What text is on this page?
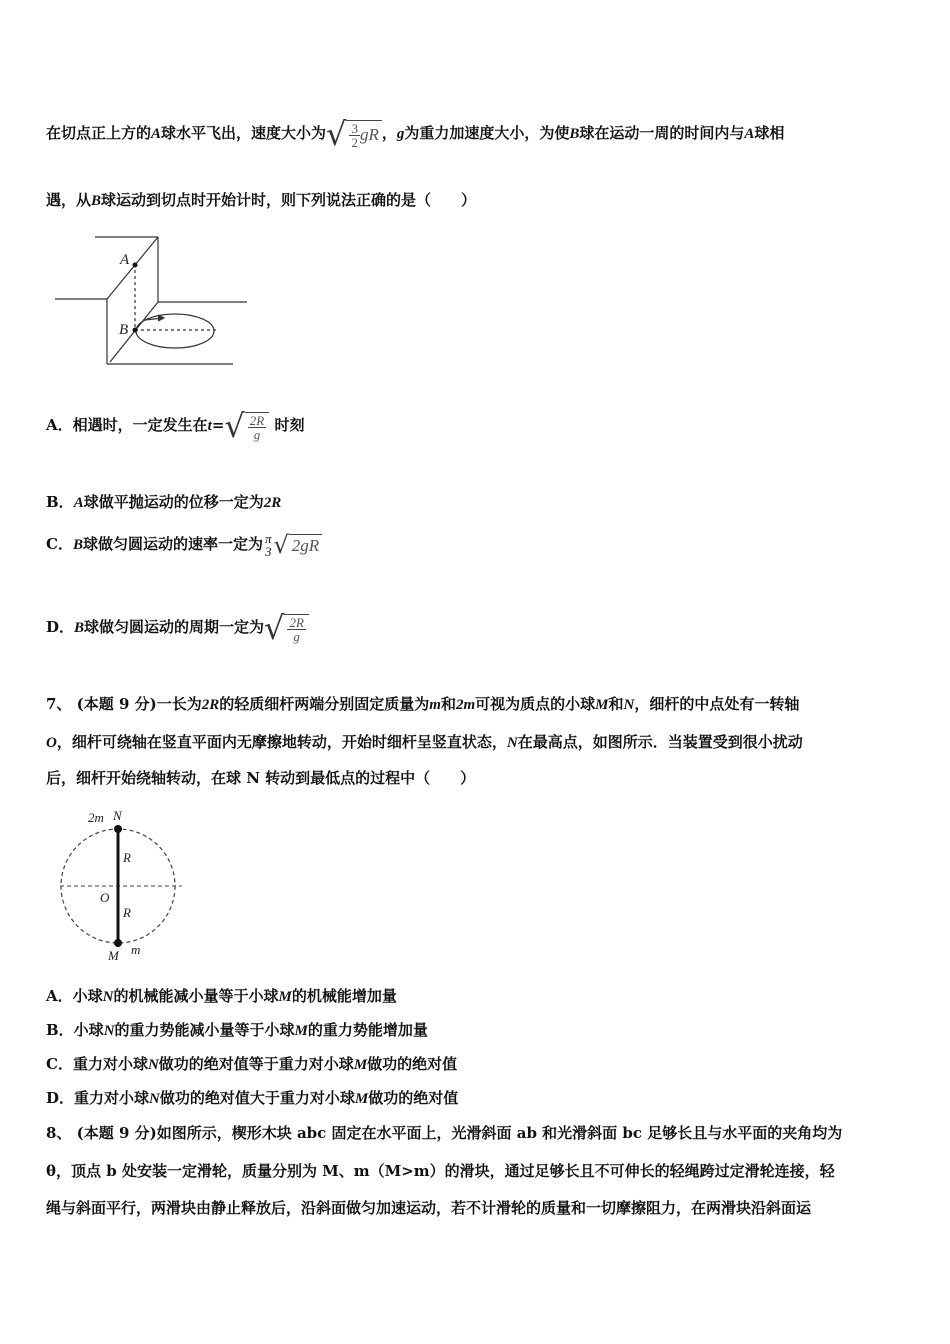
在切点正上方的A球水平飞出，速度大小为 √ $\frac{3}{2}$ gR ，g为重力加速度大小，为使B球在运动一周的时间内与A球相
遇，从B球运动到切点时开始计时，则下列说法正确的是（　　）
A
B
A．相遇时，一定发生在t= √ $\frac{2R}{g}$ 时刻
B．A球做平抛运动的位移一定为2R
C．B球做匀圆运动的速率一定为 π
3 √ 2gR
D．B球做匀圆运动的周期一定为 √ $\frac{2R}{g}$
7、 (本题 9 分)一长为2R的轻质细杆两端分别固定质量为m和2m可视为质点的小球M和N，细杆的中点处有一转轴
O，细杆可绕轴在竖直平面内无摩擦地转动，开始时细杆呈竖直状态，N在最高点，如图所示．当装置受到很小扰动
后，细杆开始绕轴转动，在球 N 转动到最低点的过程中（　　）
2m N
R
O
R
M m
A．小球N的机械能减小量等于小球M的机械能增加量
B．小球N的重力势能减小量等于小球M的重力势能增加量
C．重力对小球N做功的绝对值等于重力对小球M做功的绝对值
D．重力对小球N做功的绝对值大于重力对小球M做功的绝对值
8、 (本题 9 分)如图所示，楔形木块 abc 固定在水平面上，光滑斜面 ab 和光滑斜面 bc 足够长且与水平面的夹角均为
θ，顶点 b 处安装一定滑轮，质量分别为 M、m（M>m）的滑块，通过足够长且不可伸长的轻绳跨过定滑轮连接，轻
绳与斜面平行，两滑块由静止释放后，沿斜面做匀加速运动，若不计滑轮的质量和一切摩擦阻力，在两滑块沿斜面运
